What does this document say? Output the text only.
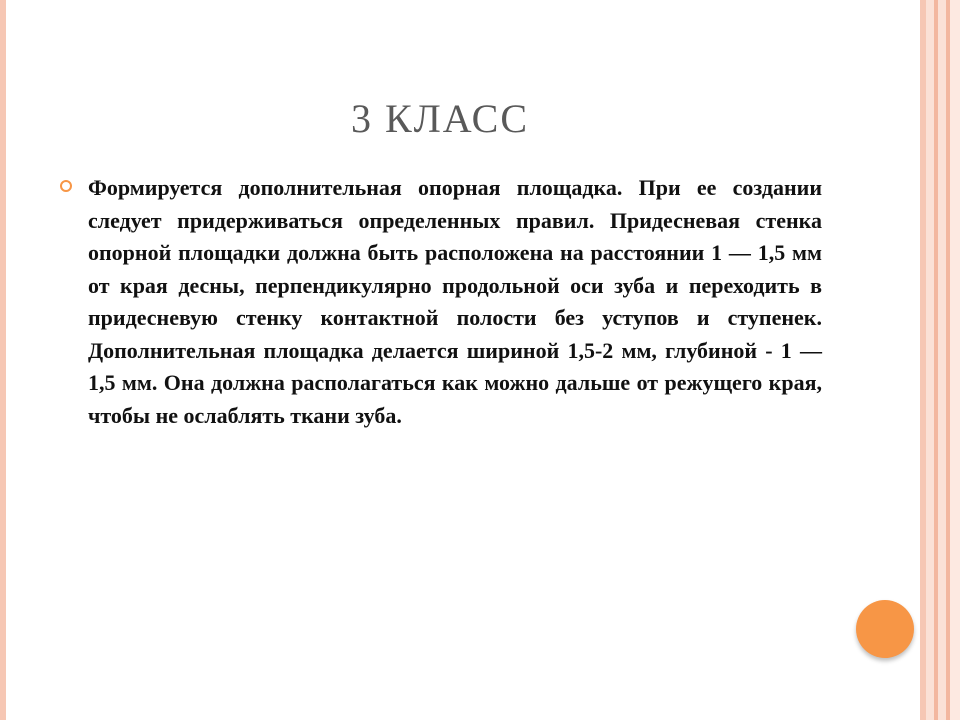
3 КЛАСС

Формируется дополнительная опорная площадка. При ее создании следует придерживаться определенных правил. Придесневая стенка опорной площадки должна быть расположена на расстоянии 1 — 1,5 мм от края десны, перпендикулярно продольной оси зуба и переходить в придесневую стенку контактной полости без уступов и ступенек. Дополнительная площадка делается шириной 1,5-2 мм, глубиной - 1 — 1,5 мм. Она должна располагаться как можно дальше от режущего края, чтобы не ослаблять ткани зуба.
